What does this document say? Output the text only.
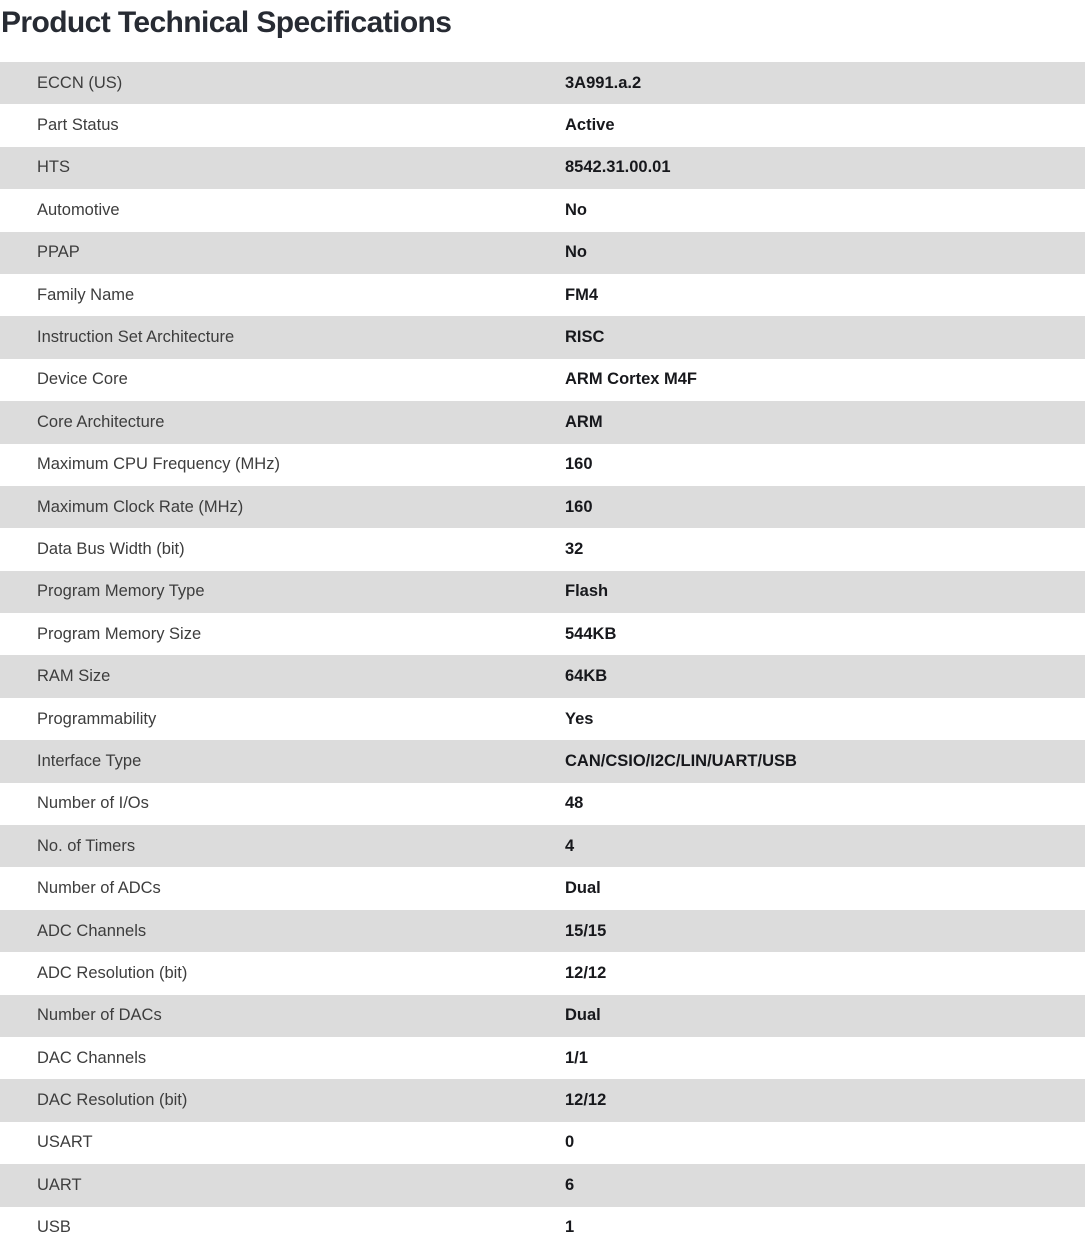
Product Technical Specifications
ECCN (US)	3A991.a.2
Part Status	Active
HTS	8542.31.00.01
Automotive	No
PPAP	No
Family Name	FM4
Instruction Set Architecture	RISC
Device Core	ARM Cortex M4F
Core Architecture	ARM
Maximum CPU Frequency (MHz)	160
Maximum Clock Rate (MHz)	160
Data Bus Width (bit)	32
Program Memory Type	Flash
Program Memory Size	544KB
RAM Size	64KB
Programmability	Yes
Interface Type	CAN/CSIO/I2C/LIN/UART/USB
Number of I/Os	48
No. of Timers	4
Number of ADCs	Dual
ADC Channels	15/15
ADC Resolution (bit)	12/12
Number of DACs	Dual
DAC Channels	1/1
DAC Resolution (bit)	12/12
USART	0
UART	6
USB	1
